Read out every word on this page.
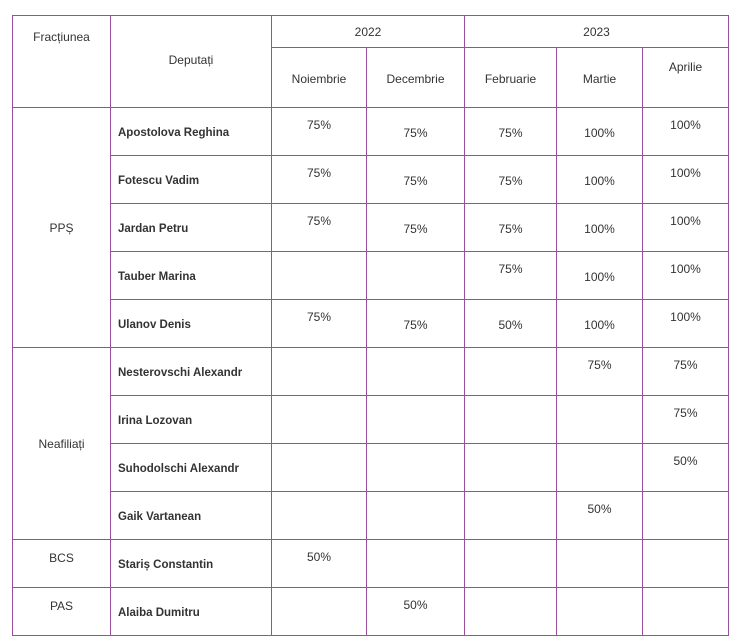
Fracțiunea	Deputați	2022		2023		
		Noiembrie	Decembrie	Februarie	Martie	Aprilie
PPȘ	Apostolova Reghina	75%	75%	75%	100%	100%
	Fotescu Vadim	75%	75%	75%	100%	100%
	Jardan Petru	75%	75%	75%	100%	100%
	Tauber Marina			75%	100%	100%
	Ulanov Denis	75%	75%	50%	100%	100%
Neafiliați	Nesterovschi Alexandr				75%	75%
	Irina Lozovan					75%
	Suhodolschi Alexandr					50%
	Gaik Vartanean				50%	
BCS	Stariș Constantin	50%				
PAS	Alaiba Dumitru		50%			
